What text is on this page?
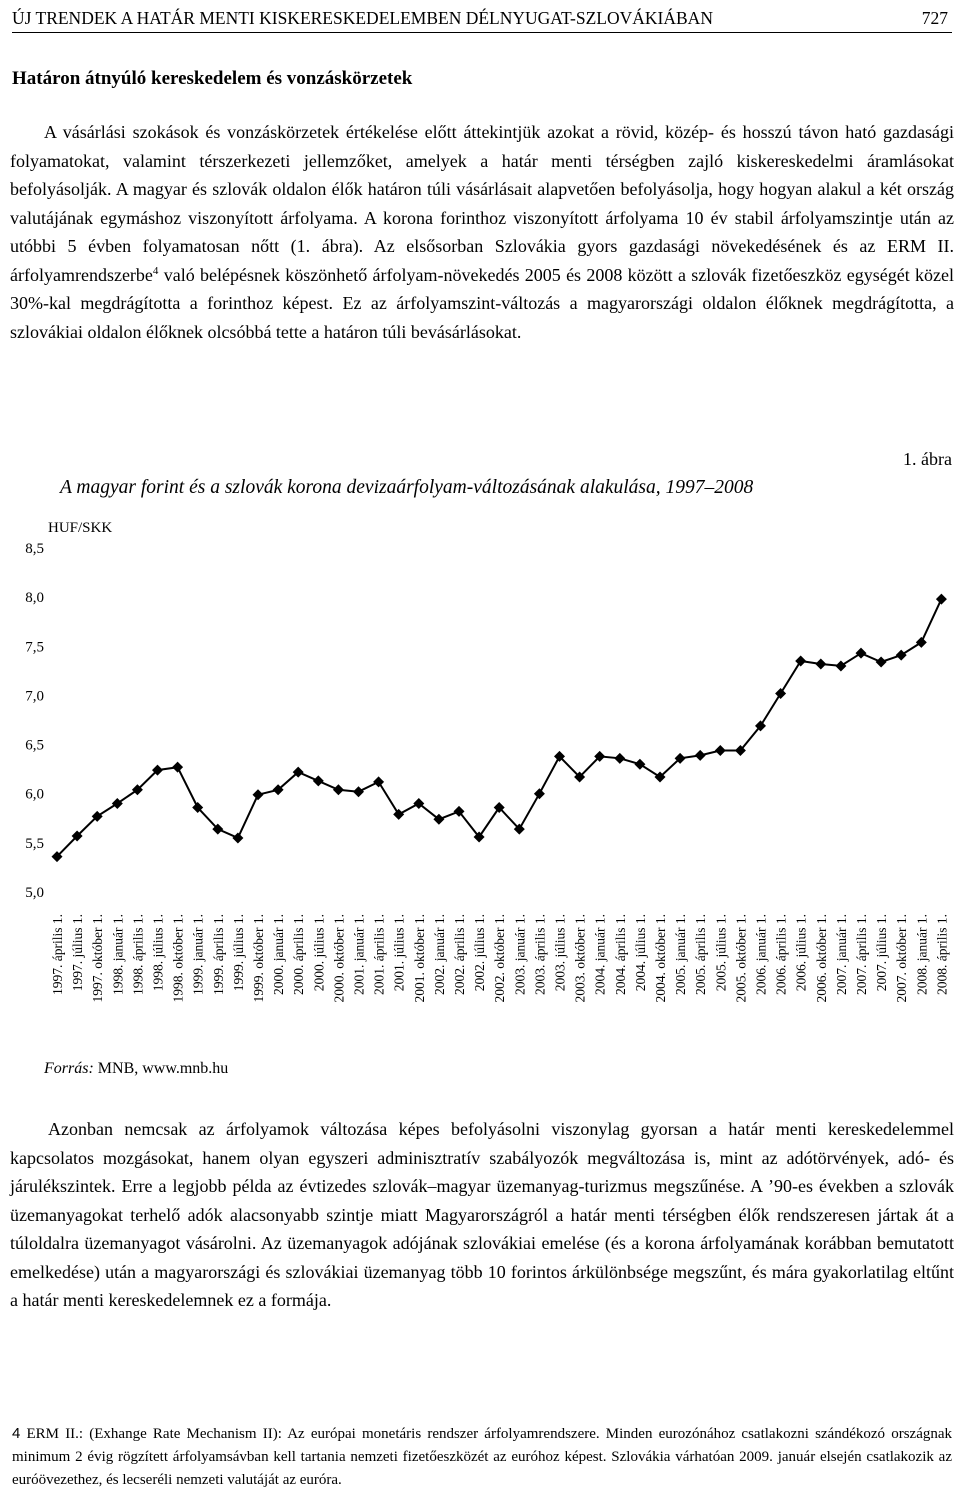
ÚJ TRENDEK A HATÁR MENTI KISKERESKEDELEMBEN DÉLNYUGAT-SZLOVÁKIÁBAN	727
Határon átnyúló kereskedelem és vonzáskörzetek

A vásárlási szokások és vonzáskörzetek értékelése előtt áttekintjük azokat a rövid, közép- és hosszú távon ható gazdasági folyamatokat, valamint térszerkezeti jellemzőket, amelyek a határ menti térségben zajló kiskereskedelmi áramlásokat befolyásolják. A magyar és szlovák oldalon élők határon túli vásárlásait alapvetően befolyásolja, hogy hogyan alakul a két ország valutájának egymáshoz viszonyított árfolyama. A korona forinthoz viszonyított árfolyama 10 év stabil árfolyamszintje után az utóbbi 5 évben folyamatosan nőtt (1. ábra). Az elsősorban Szlovákia gyors gazdasági növekedésének és az ERM II. árfolyamrendszerbe$^4$ való belépésnek köszönhető árfolyam-növekedés 2005 és 2008 között a szlovák fizetőeszköz egységét közel 30%-kal megdrágította a forinthoz képest. Ez az árfolyamszint-változás a magyarországi oldalon élőknek megdrágította, a szlovákiai oldalon élőknek olcsóbbá tette a határon túli bevásárlásokat.

1. ábra
A magyar forint és a szlovák korona devizaárfolyam-változásának alakulása, 1997–2008
HUF/SKK
5,0
5,5
6,0
6,5
7,0
7,5
8,0
8,5
1997. április 1. 1997. július 1. 1997. október 1. 1998. január 1. 1998. április 1. 1998. július 1. 1998. október 1. 1999. január 1. 1999. április 1. 1999. július 1. 1999. október 1. 2000. január 1. 2000. április 1. 2000. július 1. 2000. október 1. 2001. január 1. 2001. április 1. 2001. július 1. 2001. október 1. 2002. január 1. 2002. április 1. 2002. július 1. 2002. október 1. 2003. január 1. 2003. április 1. 2003. július 1. 2003. október 1. 2004. január 1. 2004. április 1. 2004. július 1. 2004. október 1. 2005. január 1. 2005. április 1. 2005. július 1. 2005. október 1. 2006. január 1. 2006. április 1. 2006. július 1. 2006. október 1. 2007. január 1. 2007. április 1. 2007. július 1. 2007. október 1. 2008. január 1. 2008. április 1.
Forrás: MNB, www.mnb.hu

Azonban nemcsak az árfolyamok változása képes befolyásolni viszonylag gyorsan a határ menti kereskedelemmel kapcsolatos mozgásokat, hanem olyan egyszeri adminisztratív szabályozók megváltozása is, mint az adótörvények, adó- és járulékszintek. Erre a legjobb példa az évtizedes szlovák–magyar üzemanyag-turizmus megszűnése. A ’90-es években a szlovák üzemanyagokat terhelő adók alacsonyabb szintje miatt Magyarországról a határ menti térségben élők rendszeresen jártak át a túloldalra üzemanyagot vásárolni. Az üzemanyagok adójának szlovákiai emelése (és a korona árfolyamának korábban bemutatott emelkedése) után a magyarországi és szlovákiai üzemanyag több 10 forintos árkülönbsége megszűnt, és mára gyakorlatilag eltűnt a határ menti kereskedelemnek ez a formája.

4 ERM II.: (Exhange Rate Mechanism II): Az európai monetáris rendszer árfolyamrendszere. Minden eurozónához csatlakozni szándékozó országnak minimum 2 évig rögzített árfolyamsávban kell tartania nemzeti fizetőeszközét az euróhoz képest. Szlovákia várhatóan 2009. január elsején csatlakozik az euróövezethez, és lecseréli nemzeti valutáját az euróra.
